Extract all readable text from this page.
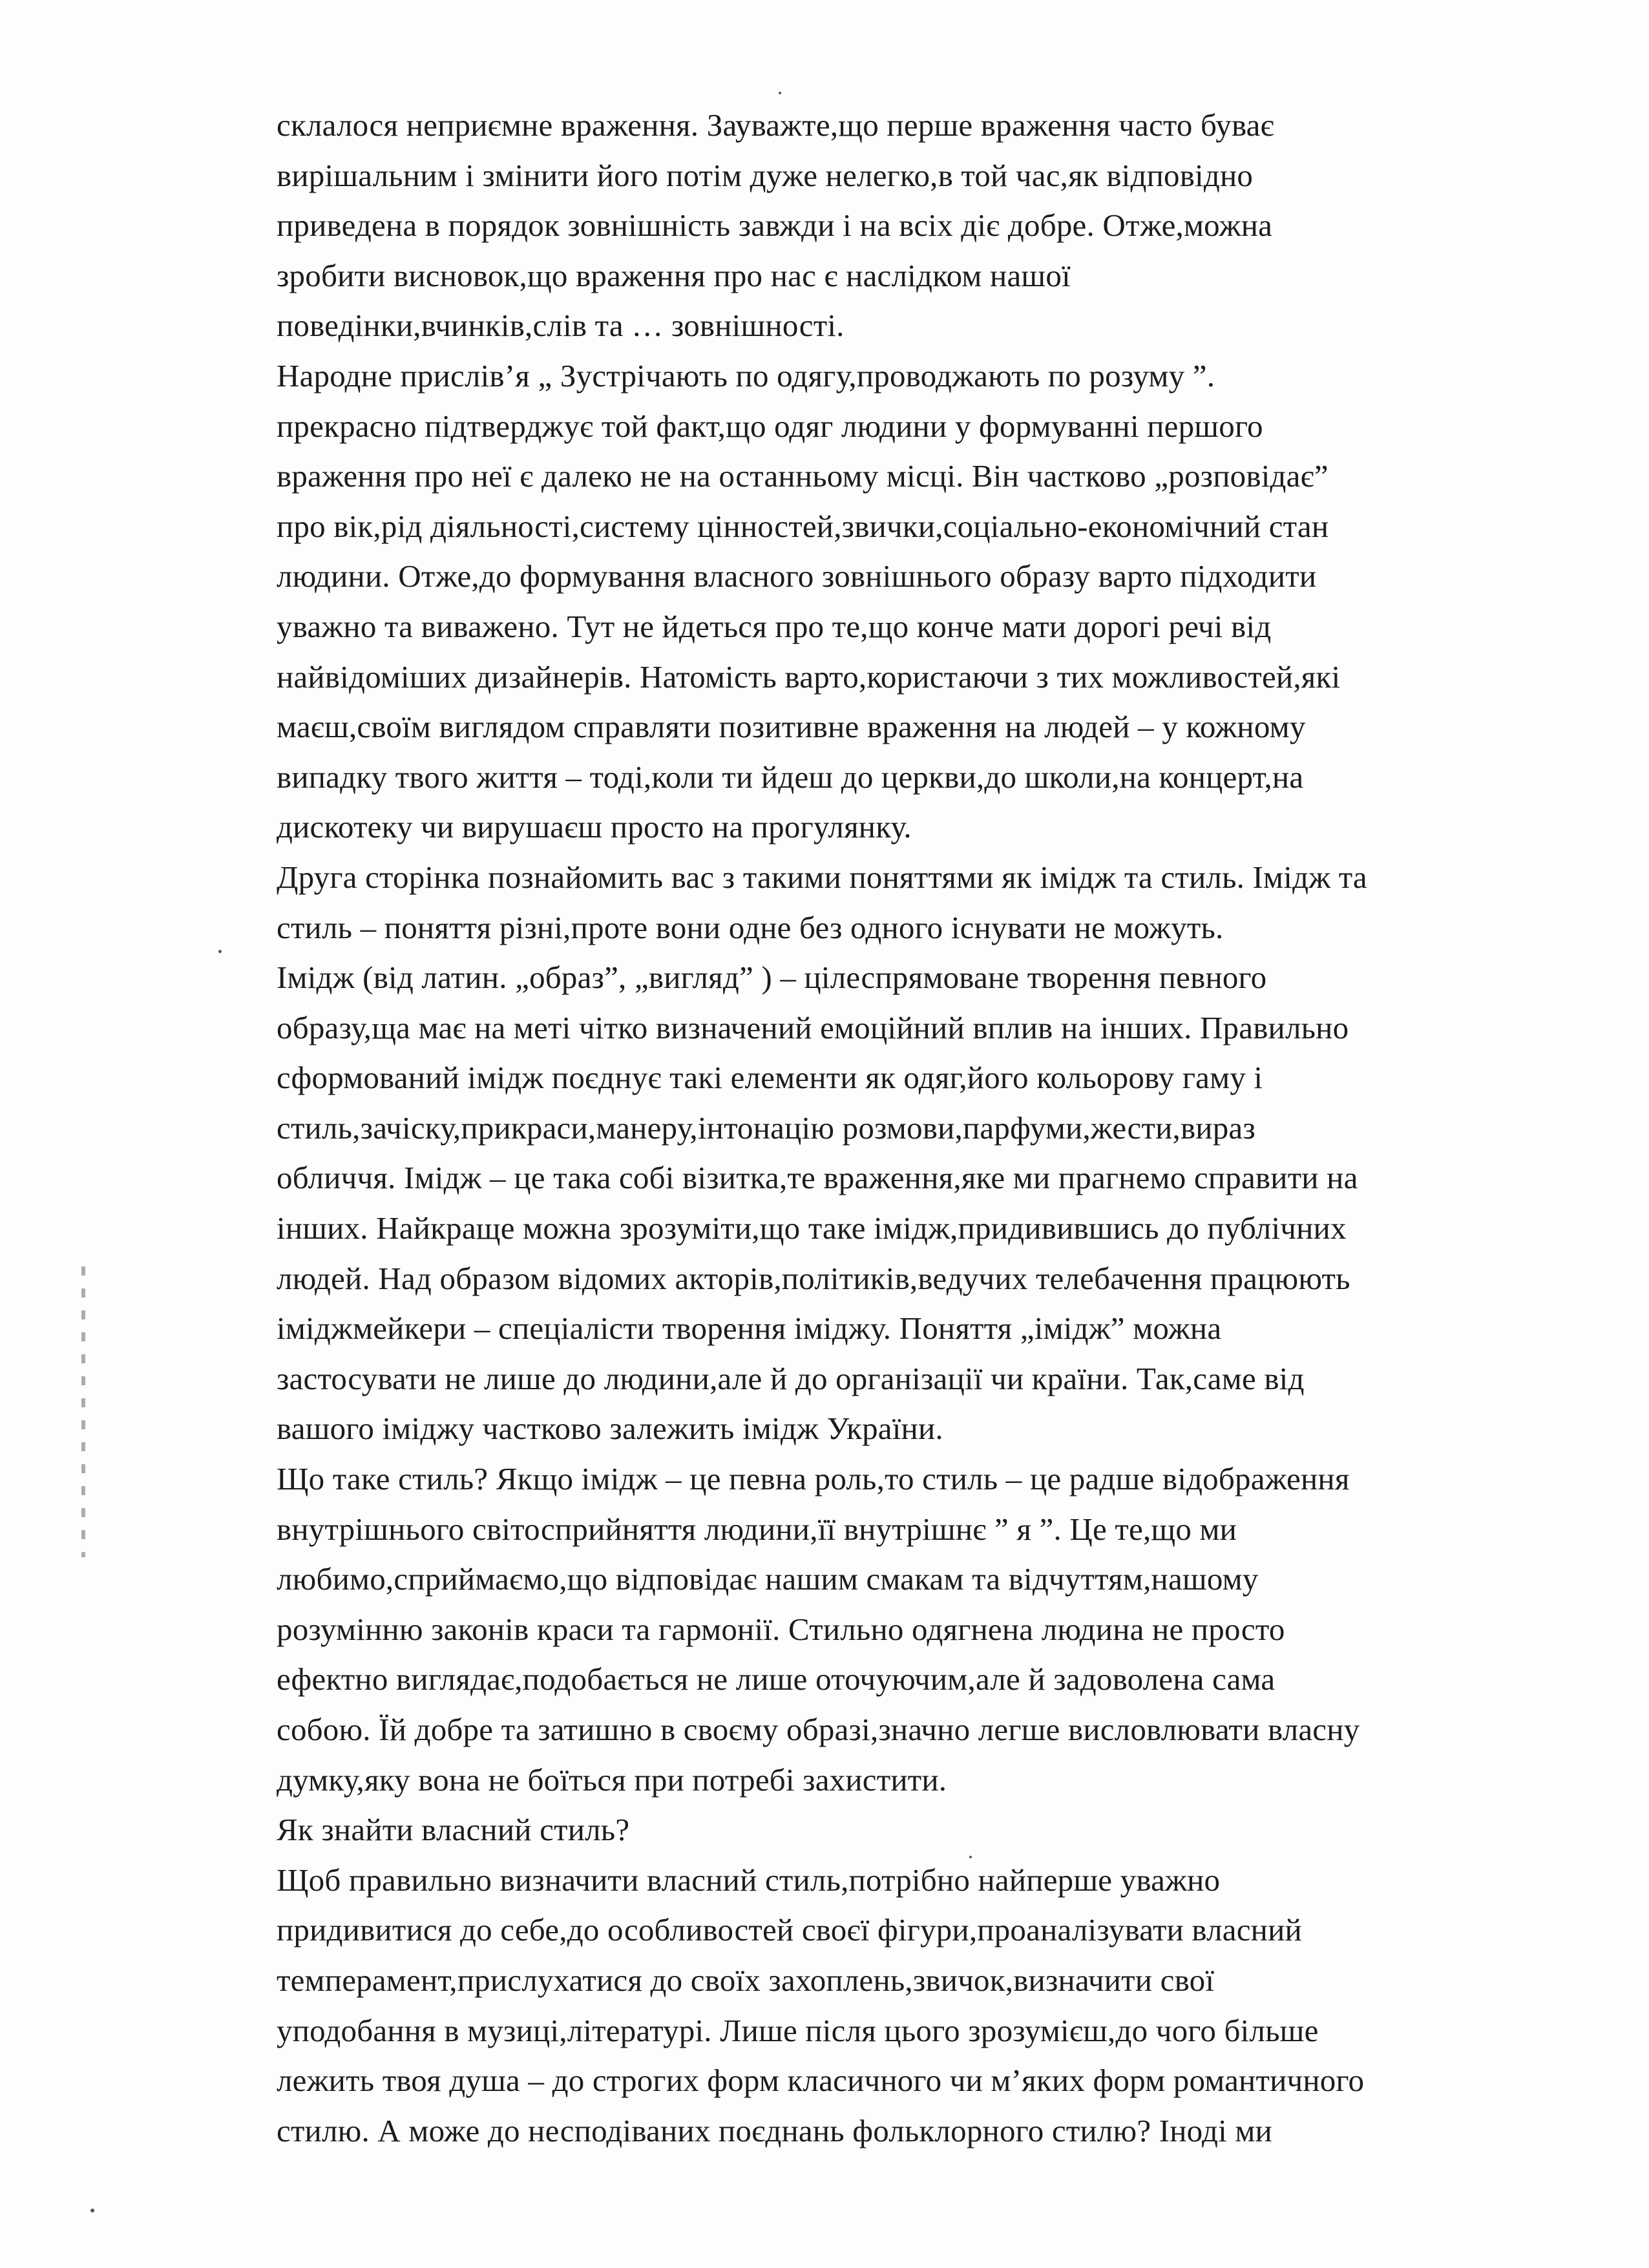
склалося неприємне враження. Зауважте,що перше враження часто буває
вирішальним і змінити його потім дуже нелегко,в той час,як відповідно
приведена в порядок зовнішність завжди і на всіх діє добре. Отже,можна
зробити висновок,що враження про нас є наслідком нашої
поведінки,вчинків,слів та … зовнішності.
Народне прислів’я „ Зустрічають по одягу,проводжають по розуму ”.
прекрасно підтверджує той факт,що одяг людини у формуванні першого
враження про неї є далеко не на останньому місці. Він частково „розповідає”
про вік,рід діяльності,систему цінностей,звички,соціально-економічний стан
людини. Отже,до формування власного зовнішнього образу варто підходити
уважно та виважено. Тут не йдеться про те,що конче мати дорогі речі від
найвідоміших дизайнерів. Натомість варто,користаючи з тих можливостей,які
маєш,своїм виглядом справляти позитивне враження на людей – у кожному
випадку твого життя – тоді,коли ти йдеш до церкви,до школи,на концерт,на
дискотеку чи вирушаєш просто на прогулянку.
Друга сторінка познайомить вас з такими поняттями як імідж та стиль. Імідж та
стиль – поняття різні,проте вони одне без одного існувати не можуть.
Імідж (від латин. „образ”, „вигляд” ) – цілеспрямоване творення певного
образу,ща має на меті чітко визначений емоційний вплив на інших. Правильно
сформований імідж поєднує такі елементи як одяг,його кольорову гаму і
стиль,зачіску,прикраси,манеру,інтонацію розмови,парфуми,жести,вираз
обличчя. Імідж – це така собі візитка,те враження,яке ми прагнемо справити на
інших. Найкраще можна зрозуміти,що таке імідж,придивившись до публічних
людей. Над образом відомих акторів,політиків,ведучих телебачення працюють
іміджмейкери – спеціалісти творення іміджу. Поняття „імідж” можна
застосувати не лише до людини,але й до організації чи країни. Так,саме від
вашого іміджу частково залежить імідж України.
Що таке стиль? Якщо імідж – це певна роль,то стиль – це радше відображення
внутрішнього світосприйняття людини,її внутрішнє ” я ”. Це те,що ми
любимо,сприймаємо,що відповідає нашим смакам та відчуттям,нашому
розумінню законів краси та гармонії. Стильно одягнена людина не просто
ефектно виглядає,подобається не лише оточуючим,але й задоволена сама
собою. Їй добре та затишно в своєму образі,значно легше висловлювати власну
думку,яку вона не боїться при потребі захистити.
Як знайти власний стиль?
Щоб правильно визначити власний стиль,потрібно найперше уважно
придивитися до себе,до особливостей своєї фігури,проаналізувати власний
темперамент,прислухатися до своїх захоплень,звичок,визначити свої
уподобання в музиці,літературі. Лише після цього зрозумієш,до чого більше
лежить твоя душа – до строгих форм класичного чи м’яких форм романтичного
стилю. А може до несподіваних поєднань фольклорного стилю? Іноді ми
